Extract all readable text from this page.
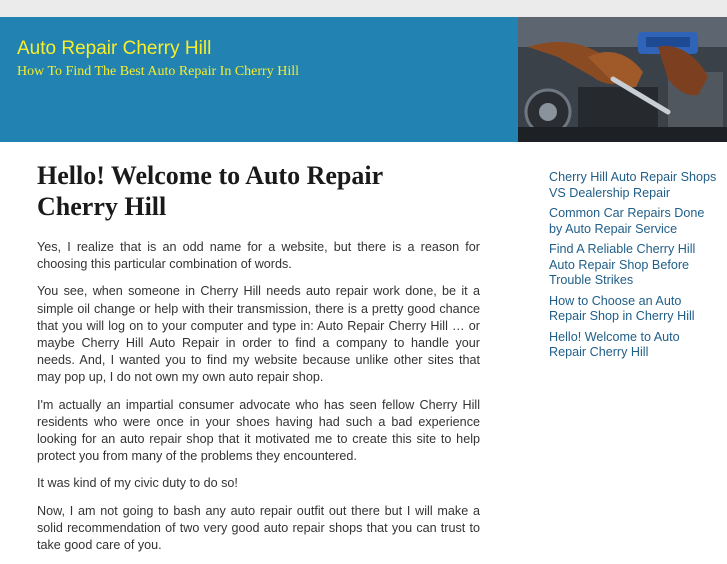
Auto Repair Cherry Hill
How To Find The Best Auto Repair In Cherry Hill
Hello! Welcome to Auto Repair Cherry Hill

Yes, I realize that is an odd name for a website, but there is a reason for choosing this particular combination of words.

You see, when someone in Cherry Hill needs auto repair work done, be it a simple oil change or help with their transmission, there is a pretty good chance that you will log on to your computer and type in: Auto Repair Cherry Hill … or maybe Cherry Hill Auto Repair in order to find a company to handle your needs. And, I wanted you to find my website because unlike other sites that may pop up, I do not own my own auto repair shop.

I'm actually an impartial consumer advocate who has seen fellow Cherry Hill residents who were once in your shoes having had such a bad experience looking for an auto repair shop that it motivated me to create this site to help protect you from many of the problems they encountered.

It was kind of my civic duty to do so!

Now, I am not going to bash any auto repair outfit out there but I will make a solid recommendation of two very good auto repair shops that you can trust to take good care of you.

Cherry Hill Auto Repair Shops VS Dealership Repair
Common Car Repairs Done by Auto Repair Service
Find A Reliable Cherry Hill Auto Repair Shop Before Trouble Strikes
How to Choose an Auto Repair Shop in Cherry Hill
Hello! Welcome to Auto Repair Cherry Hill
